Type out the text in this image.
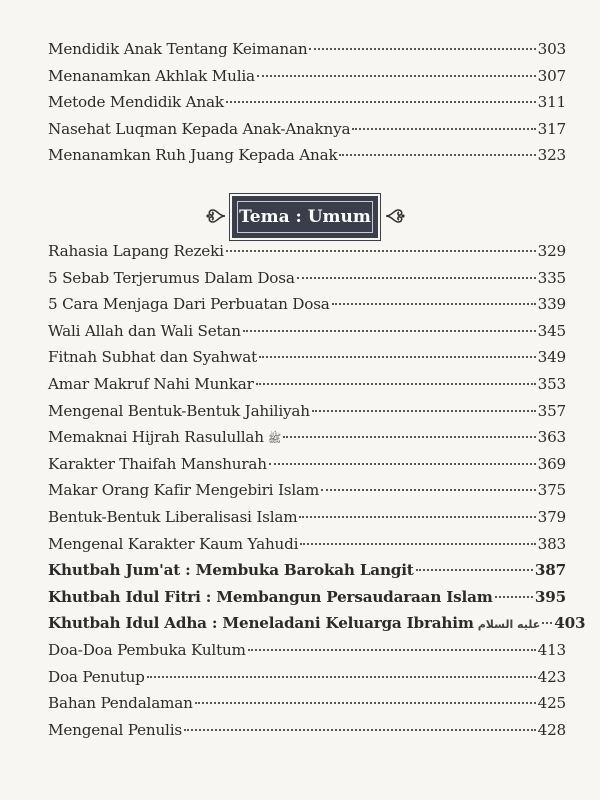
Mendidik Anak Tentang Keimanan	303
Menanamkan Akhlak Mulia	307
Metode Mendidik Anak	311
Nasehat Luqman Kepada Anak-Anaknya	317
Menanamkan Ruh Juang Kepada Anak	323
Tema : Umum
Rahasia Lapang Rezeki	329
5 Sebab Terjerumus Dalam Dosa	335
5 Cara Menjaga Dari Perbuatan Dosa	339
Wali Allah dan Wali Setan	345
Fitnah Subhat dan Syahwat	349
Amar Makruf Nahi Munkar	353
Mengenal Bentuk-Bentuk Jahiliyah	357
Memaknai Hijrah Rasulullah ﷺ	363
Karakter Thaifah Manshurah	369
Makar Orang Kafir Mengebiri Islam	375
Bentuk-Bentuk Liberalisasi Islam	379
Mengenal Karakter Kaum Yahudi	383
Khutbah Jum'at : Membuka Barokah Langit	387
Khutbah Idul Fitri : Membangun Persaudaraan Islam	395
Khutbah Idul Adha : Meneladani Keluarga Ibrahim عليه السلام 403
Doa-Doa Pembuka Kultum	413
Doa Penutup	423
Bahan Pendalaman	425
Mengenal Penulis	428
